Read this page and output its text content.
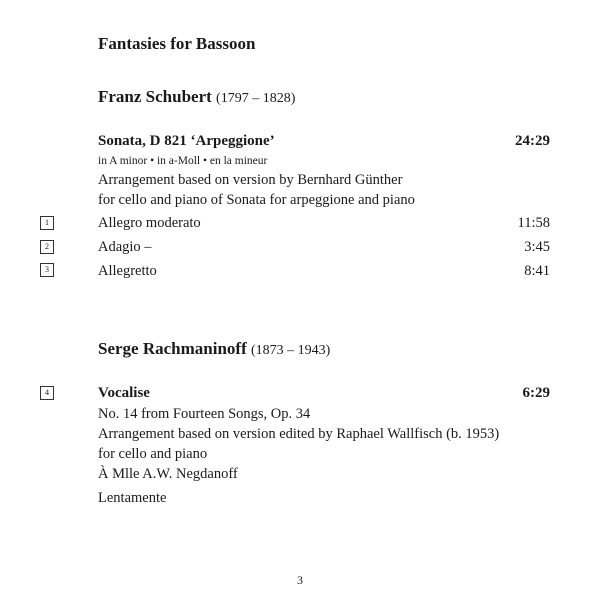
Fantasies for Bassoon
Franz Schubert (1797 – 1828)
Sonata, D 821 ‘Arpeggione’	24:29
in A minor • in a-Moll • en la mineur
Arrangement based on version by Bernhard Günther
for cello and piano of Sonata for arpeggione and piano
1	Allegro moderato	11:58
2	Adagio –	3:45
3	Allegretto	8:41
Serge Rachmaninoff (1873 – 1943)
4	Vocalise	6:29
No. 14 from Fourteen Songs, Op. 34
Arrangement based on version edited by Raphael Wallfisch (b. 1953)
for cello and piano
À Mlle A.W. Negdanoff
Lentamente
3
